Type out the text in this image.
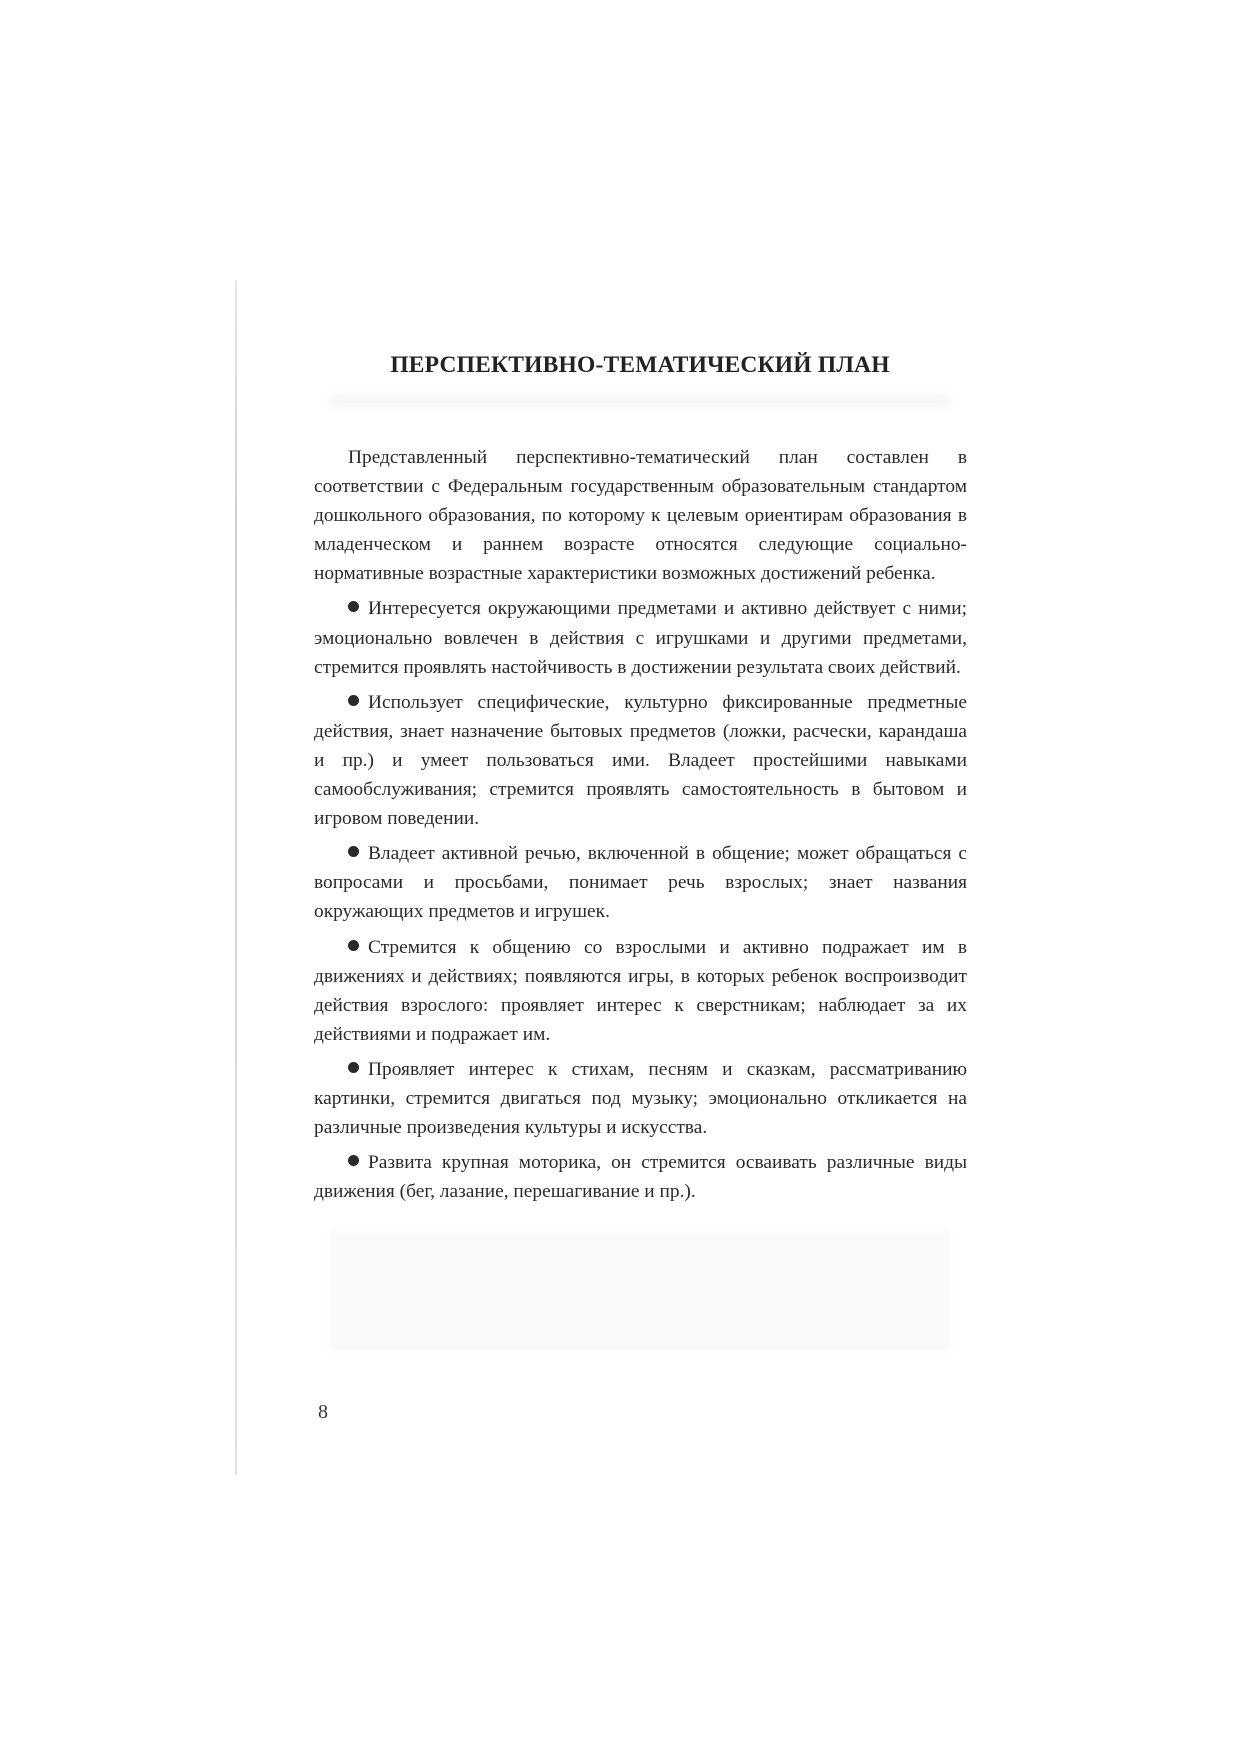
ПЕРСПЕКТИВНО-ТЕМАТИЧЕСКИЙ ПЛАН

Представленный перспективно-тематический план составлен в соответствии с Федеральным государственным образовательным стандартом дошкольного образования, по которому к целевым ориентирам образования в младенческом и раннем возрасте относятся следующие социально-нормативные возрастные характеристики возможных достижений ребенка.

Интересуется окружающими предметами и активно действует с ними; эмоционально вовлечен в действия с игрушками и другими предметами, стремится проявлять настойчивость в достижении результата своих действий.

Использует специфические, культурно фиксированные предметные действия, знает назначение бытовых предметов (ложки, расчески, карандаша и пр.) и умеет пользоваться ими. Владеет простейшими навыками самообслуживания; стремится проявлять самостоятельность в бытовом и игровом поведении.

Владеет активной речью, включенной в общение; может обращаться с вопросами и просьбами, понимает речь взрослых; знает названия окружающих предметов и игрушек.

Стремится к общению со взрослыми и активно подражает им в движениях и действиях; появляются игры, в которых ребенок воспроизводит действия взрослого: проявляет интерес к сверстникам; наблюдает за их действиями и подражает им.

Проявляет интерес к стихам, песням и сказкам, рассматриванию картинки, стремится двигаться под музыку; эмоционально откликается на различные произведения культуры и искусства.

Развита крупная моторика, он стремится осваивать различные виды движения (бег, лазание, перешагивание и пр.).

8
